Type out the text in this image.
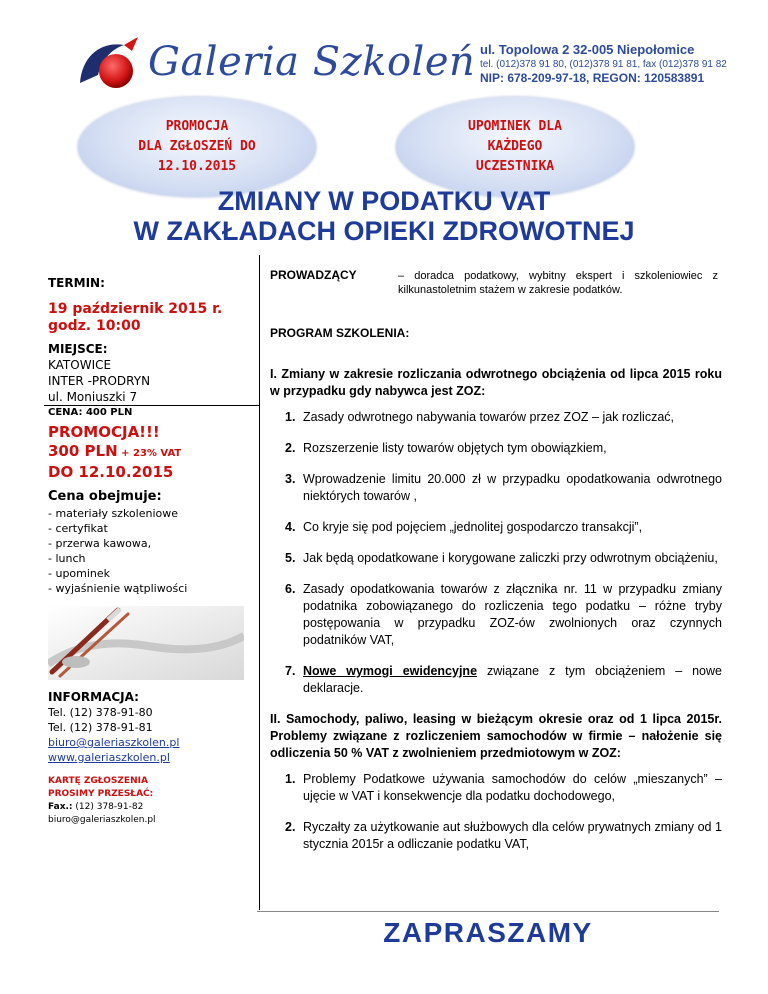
Galeria Szkoleń ul. Topolowa 2 32-005 Niepołomice
tel. (012)378 91 80, (012)378 91 81, fax (012)378 91 82
NIP: 678-209-97-18, REGON: 120583891
PROMOCJA
DLA ZGŁOSZEŃ DO
12.10.2015
UPOMINEK DLA
KAŻDEGO
UCZESTNIKA
ZMIANY W PODATKU VAT
W ZAKŁADACH OPIEKI ZDROWOTNEJ
TERMIN:
19 październik 2015 r.
godz. 10:00
MIEJSCE:
KATOWICE
INTER -PRODRYN
ul. Moniuszki 7
CENA: 400 PLN
PROMOCJA!!!
300 PLN + 23% VAT
DO 12.10.2015
Cena obejmuje:
- materiały szkoleniowe
- certyfikat
- przerwa kawowa,
- lunch
- upominek
- wyjaśnienie wątpliwości
INFORMACJA:
Tel. (12) 378-91-80
Tel. (12) 378-91-81
biuro@galeriaszkolen.pl
www.galeriaszkolen.pl
KARTĘ ZGŁOSZENIA
PROSIMY PRZESŁAĆ:
Fax.: (12) 378-91-82
biuro@galeriaszkolen.pl
PROWADZĄCY	– doradca podatkowy, wybitny ekspert i szkoleniowiec z kilkunastoletnim stażem w zakresie podatków.
PROGRAM SZKOLENIA:

I. Zmiany w zakresie rozliczania odwrotnego obciążenia od lipca 2015 roku w przypadku gdy nabywca jest ZOZ:

1. Zasady odwrotnego nabywania towarów przez ZOZ – jak rozliczać,
2. Rozszerzenie listy towarów objętych tym obowiązkiem,
3. Wprowadzenie limitu 20.000 zł w przypadku opodatkowania odwrotnego niektórych towarów ,
4. Co kryje się pod pojęciem „jednolitej gospodarczo transakcji”,
5. Jak będą opodatkowane i korygowane zaliczki przy odwrotnym obciążeniu,
6. Zasady opodatkowania towarów z złącznika nr. 11 w przypadku zmiany podatnika zobowiązanego do rozliczenia tego podatku – różne tryby postępowania w przypadku ZOZ-ów zwolnionych oraz czynnych podatników VAT,
7. Nowe wymogi ewidencyjne związane z tym obciążeniem – nowe deklaracje.

II. Samochody, paliwo, leasing w bieżącym okresie oraz od 1 lipca 2015r. Problemy związane z rozliczeniem samochodów w firmie – nałożenie się odliczenia 50 % VAT z zwolnieniem przedmiotowym w ZOZ:

1. Problemy Podatkowe używania samochodów do celów „mieszanych” – ujęcie w VAT i konsekwencje dla podatku dochodowego,
2. Ryczałty za użytkowanie aut służbowych dla celów prywatnych zmiany od 1 stycznia 2015r a odliczanie podatku VAT,
ZAPRASZAMY
